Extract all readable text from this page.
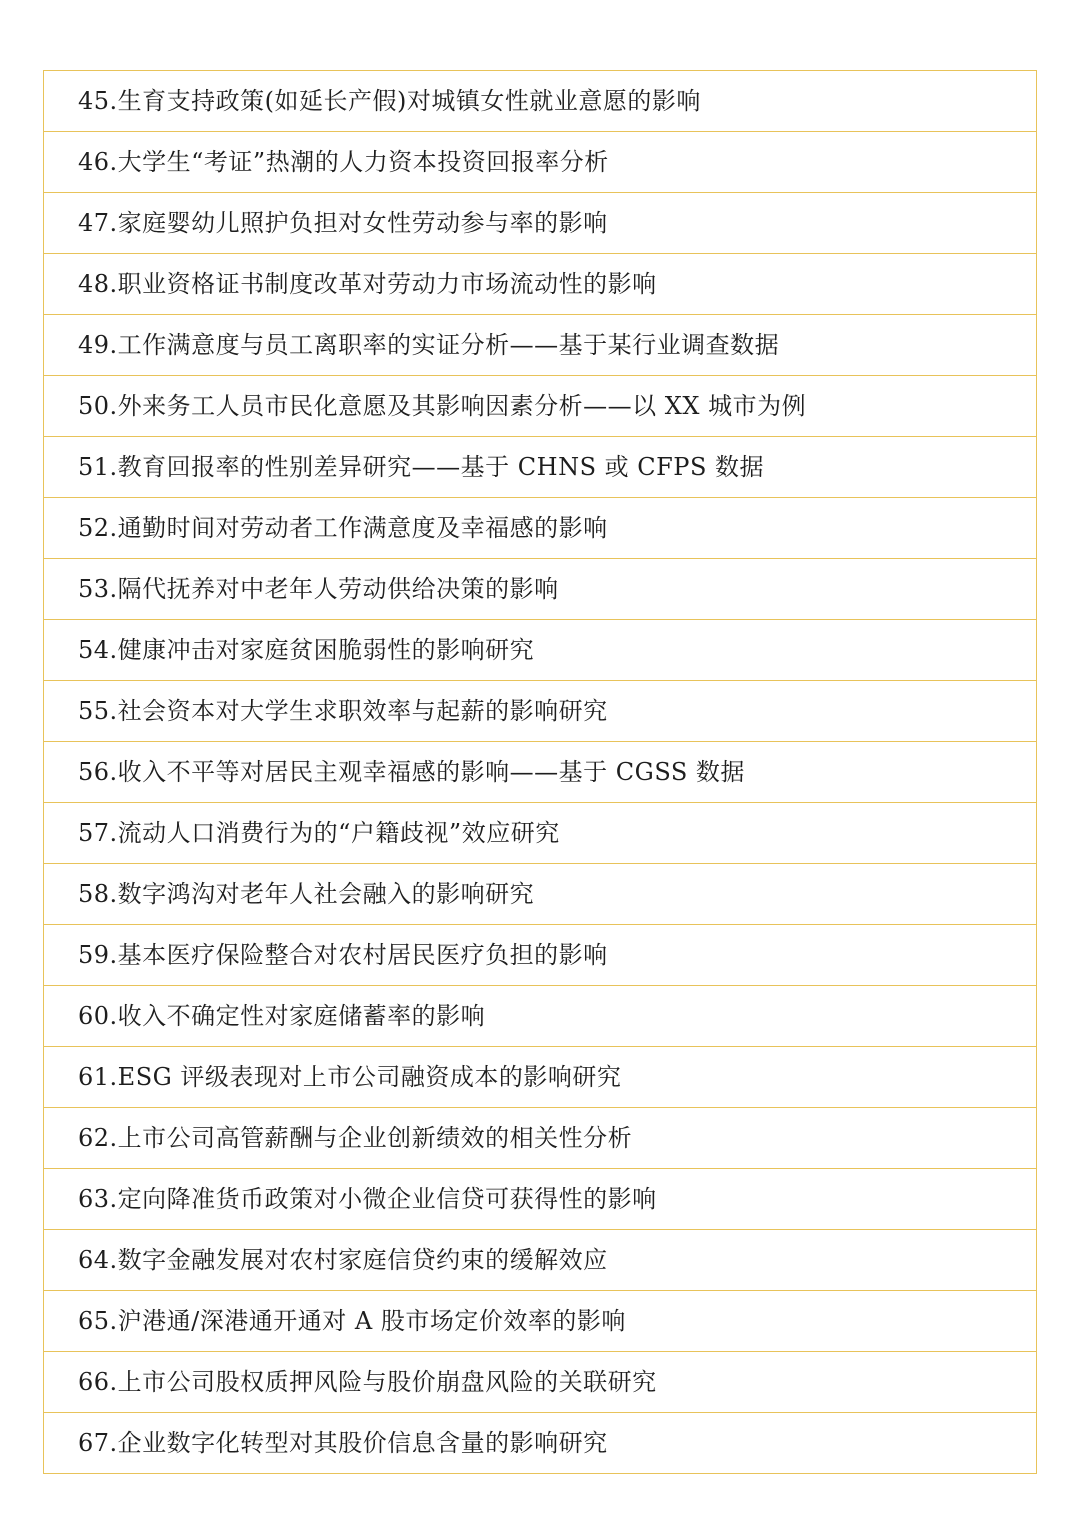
45.生育支持政策(如延长产假)对城镇女性就业意愿的影响
46.大学生“考证”热潮的人力资本投资回报率分析
47.家庭婴幼儿照护负担对女性劳动参与率的影响
48.职业资格证书制度改革对劳动力市场流动性的影响
49.工作满意度与员工离职率的实证分析——基于某行业调查数据
50.外来务工人员市民化意愿及其影响因素分析——以 XX 城市为例
51.教育回报率的性别差异研究——基于 CHNS 或 CFPS 数据
52.通勤时间对劳动者工作满意度及幸福感的影响
53.隔代抚养对中老年人劳动供给决策的影响
54.健康冲击对家庭贫困脆弱性的影响研究
55.社会资本对大学生求职效率与起薪的影响研究
56.收入不平等对居民主观幸福感的影响——基于 CGSS 数据
57.流动人口消费行为的“户籍歧视”效应研究
58.数字鸿沟对老年人社会融入的影响研究
59.基本医疗保险整合对农村居民医疗负担的影响
60.收入不确定性对家庭储蓄率的影响
61.ESG 评级表现对上市公司融资成本的影响研究
62.上市公司高管薪酬与企业创新绩效的相关性分析
63.定向降准货币政策对小微企业信贷可获得性的影响
64.数字金融发展对农村家庭信贷约束的缓解效应
65.沪港通/深港通开通对 A 股市场定价效率的影响
66.上市公司股权质押风险与股价崩盘风险的关联研究
67.企业数字化转型对其股价信息含量的影响研究
